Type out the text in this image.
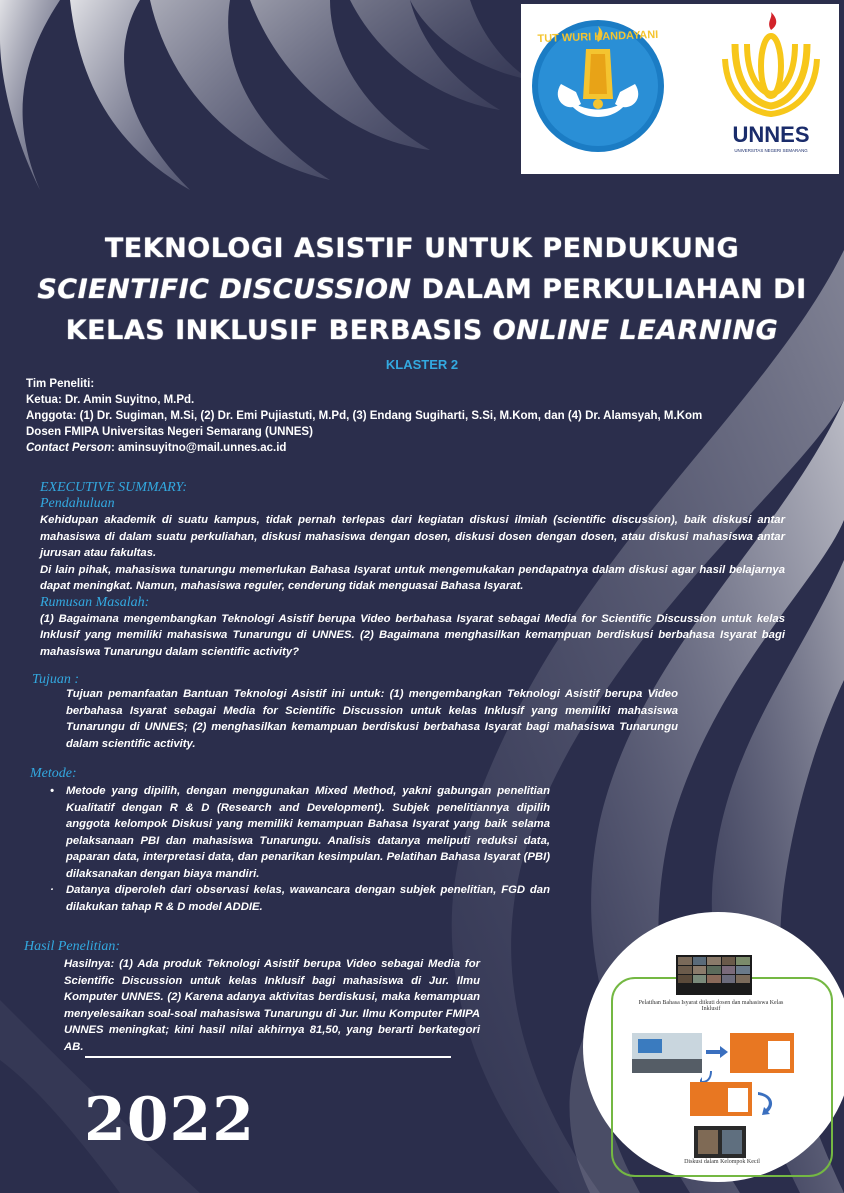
TUT WURI HANDAYANI
UNNES
UNIVERSITAS NEGERI SEMARANG
TEKNOLOGI ASISTIF UNTUK PENDUKUNG
SCIENTIFIC DISCUSSION DALAM PERKULIAHAN DI
KELAS INKLUSIF BERBASIS ONLINE LEARNING
KLASTER 2
Tim Peneliti:
Ketua: Dr. Amin Suyitno, M.Pd.
Anggota: (1) Dr. Sugiman, M.Si, (2) Dr. Emi Pujiastuti, M.Pd, (3) Endang Sugiharti, S.Si, M.Kom, dan (4) Dr. Alamsyah, M.Kom
Dosen FMIPA Universitas Negeri Semarang (UNNES)
Contact Person: aminsuyitno@mail.unnes.ac.id
EXECUTIVE SUMMARY:
Pendahuluan
Kehidupan akademik di suatu kampus, tidak pernah terlepas dari kegiatan diskusi ilmiah (scientific discussion), baik diskusi antar mahasiswa di dalam suatu perkuliahan, diskusi mahasiswa dengan dosen, diskusi dosen dengan dosen, atau diskusi mahasiswa antar jurusan atau fakultas.
Di lain pihak, mahasiswa tunarungu memerlukan Bahasa Isyarat untuk mengemukakan pendapatnya dalam diskusi agar hasil belajarnya dapat meningkat. Namun, mahasiswa reguler, cenderung tidak menguasai Bahasa Isyarat.
Rumusan Masalah:
(1) Bagaimana mengembangkan Teknologi Asistif berupa Video berbahasa Isyarat sebagai Media for Scientific Discussion untuk kelas Inklusif yang memiliki mahasiswa Tunarungu di UNNES. (2) Bagaimana menghasilkan kemampuan berdiskusi berbahasa Isyarat bagi mahasiswa Tunarungu dalam scientific activity?
Tujuan :
Tujuan pemanfaatan Bantuan Teknologi Asistif ini untuk: (1) mengembangkan Teknologi Asistif berupa Video berbahasa Isyarat sebagai Media for Scientific Discussion untuk kelas Inklusif yang memiliki mahasiswa Tunarungu di UNNES; (2) menghasilkan kemampuan berdiskusi berbahasa Isyarat bagi mahasiswa Tunarungu dalam scientific activity.
Metode:
• Metode yang dipilih, dengan menggunakan Mixed Method, yakni gabungan penelitian Kualitatif dengan R & D (Research and Development). Subjek penelitiannya dipilih anggota kelompok Diskusi yang memiliki kemampuan Bahasa Isyarat yang baik selama pelaksanaan PBI dan mahasiswa Tunarungu. Analisis datanya meliputi reduksi data, paparan data, interpretasi data, dan penarikan kesimpulan. Pelatihan Bahasa Isyarat (PBI) dilaksanakan dengan biaya mandiri.
· Datanya diperoleh dari observasi kelas, wawancara dengan subjek penelitian, FGD dan dilakukan tahap R & D model ADDIE.
Hasil Penelitian:
Hasilnya: (1) Ada produk Teknologi Asistif berupa Video sebagai Media for Scientific Discussion untuk kelas Inklusif bagi mahasiswa di Jur. Ilmu Komputer UNNES. (2) Karena adanya aktivitas berdiskusi, maka kemampuan menyelesaikan soal-soal mahasiswa Tunarungu di Jur. Ilmu Komputer FMIPA UNNES meningkat; kini hasil nilai akhirnya 81,50, yang berarti berkategori AB.
2022
Pelatihan Bahasa Isyarat diikuti dosen dan mahasiswa Kelas Inklusif
Diskusi dalam Kelompok Kecil
